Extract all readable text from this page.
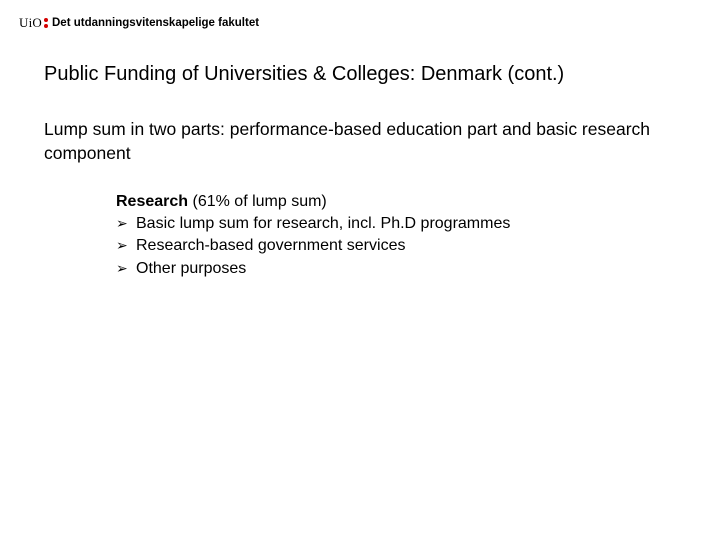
UiO Det utdanningsvitenskapelige fakultet
Public Funding of Universities & Colleges: Denmark (cont.)

Lump sum in two parts: performance-based education part and basic research component

Research (61% of lump sum)
➢ Basic lump sum for research, incl. Ph.D programmes
➢ Research-based government services
➢ Other purposes
